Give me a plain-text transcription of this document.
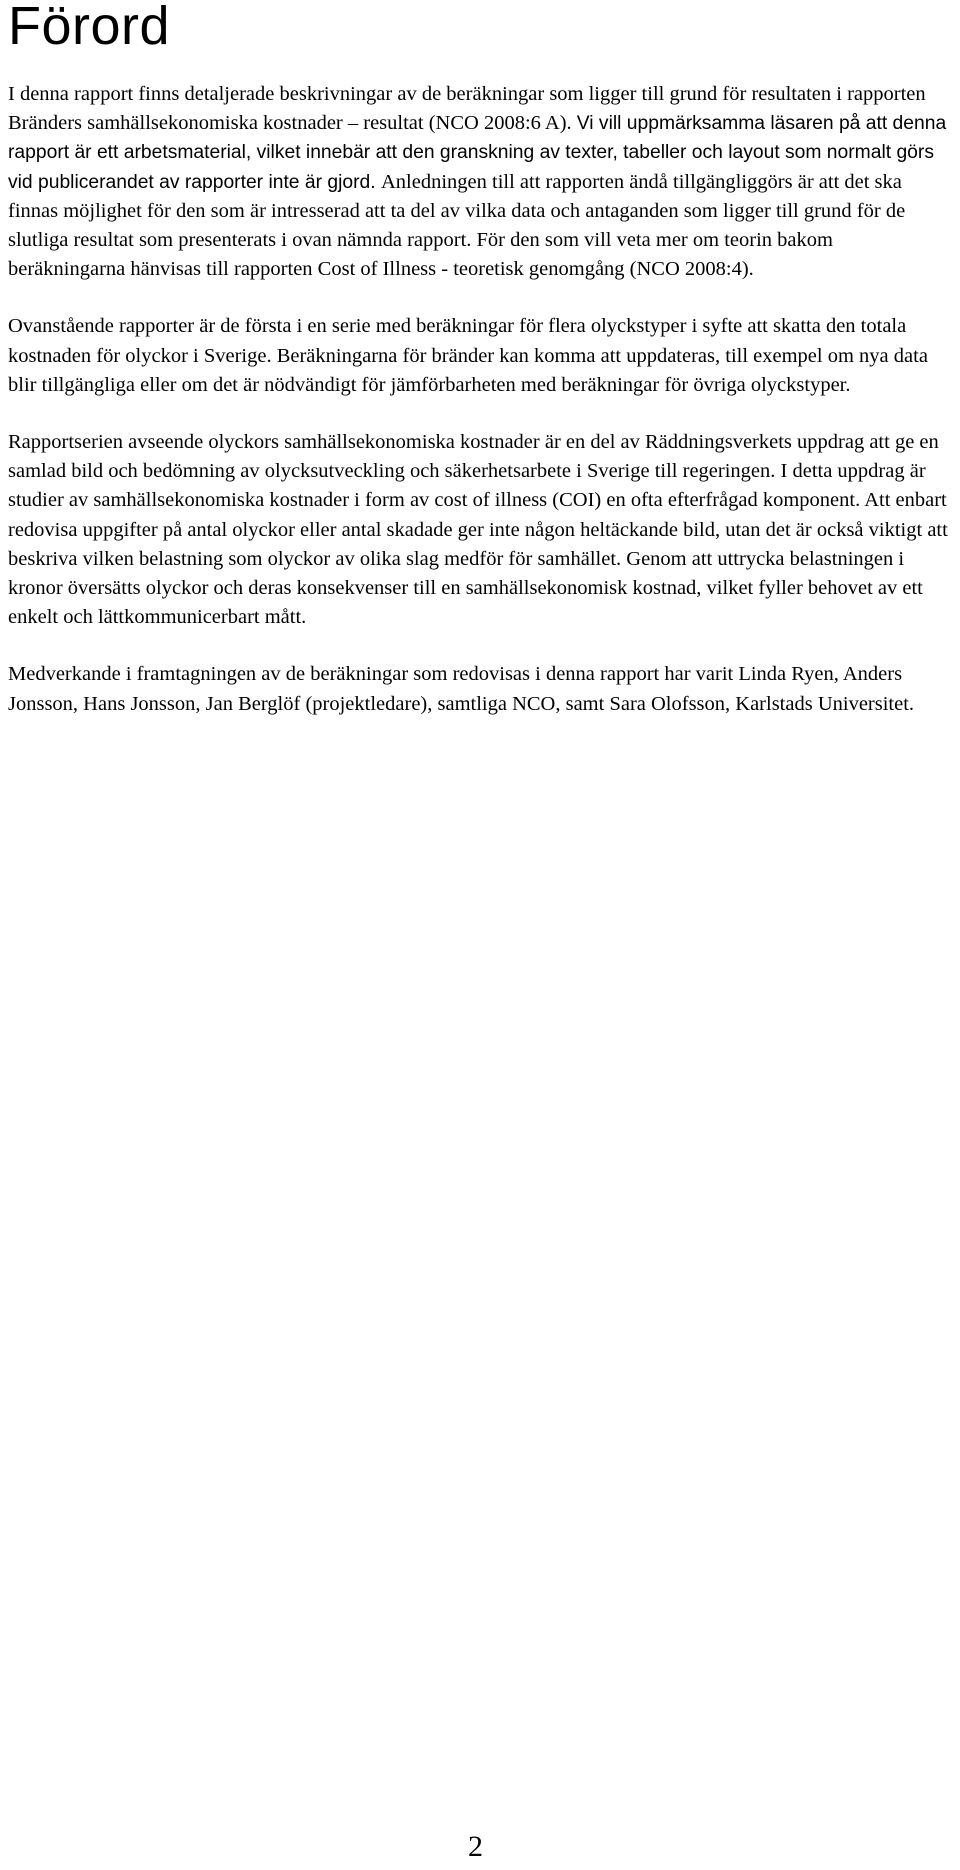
Förord

I denna rapport finns detaljerade beskrivningar av de beräkningar som ligger till grund för resultaten i rapporten Bränders samhällsekonomiska kostnader – resultat (NCO 2008:6 A). Vi vill uppmärksamma läsaren på att denna rapport är ett arbetsmaterial, vilket innebär att den granskning av texter, tabeller och layout som normalt görs vid publicerandet av rapporter inte är gjord. Anledningen till att rapporten ändå tillgängliggörs är att det ska finnas möjlighet för den som är intresserad att ta del av vilka data och antaganden som ligger till grund för de slutliga resultat som presenterats i ovan nämnda rapport. För den som vill veta mer om teorin bakom beräkningarna hänvisas till rapporten Cost of Illness - teoretisk genomgång (NCO 2008:4).

Ovanstående rapporter är de första i en serie med beräkningar för flera olyckstyper i syfte att skatta den totala kostnaden för olyckor i Sverige. Beräkningarna för bränder kan komma att uppdateras, till exempel om nya data blir tillgängliga eller om det är nödvändigt för jämförbarheten med beräkningar för övriga olyckstyper.

Rapportserien avseende olyckors samhällsekonomiska kostnader är en del av Räddningsverkets uppdrag att ge en samlad bild och bedömning av olycksutveckling och säkerhetsarbete i Sverige till regeringen. I detta uppdrag är studier av samhällsekonomiska kostnader i form av cost of illness (COI) en ofta efterfrågad komponent. Att enbart redovisa uppgifter på antal olyckor eller antal skadade ger inte någon heltäckande bild, utan det är också viktigt att beskriva vilken belastning som olyckor av olika slag medför för samhället. Genom att uttrycka belastningen i kronor översätts olyckor och deras konsekvenser till en samhällsekonomisk kostnad, vilket fyller behovet av ett enkelt och lättkommunicerbart mått.

Medverkande i framtagningen av de beräkningar som redovisas i denna rapport har varit Linda Ryen, Anders Jonsson, Hans Jonsson, Jan Berglöf (projektledare), samtliga NCO, samt Sara Olofsson, Karlstads Universitet.

2
